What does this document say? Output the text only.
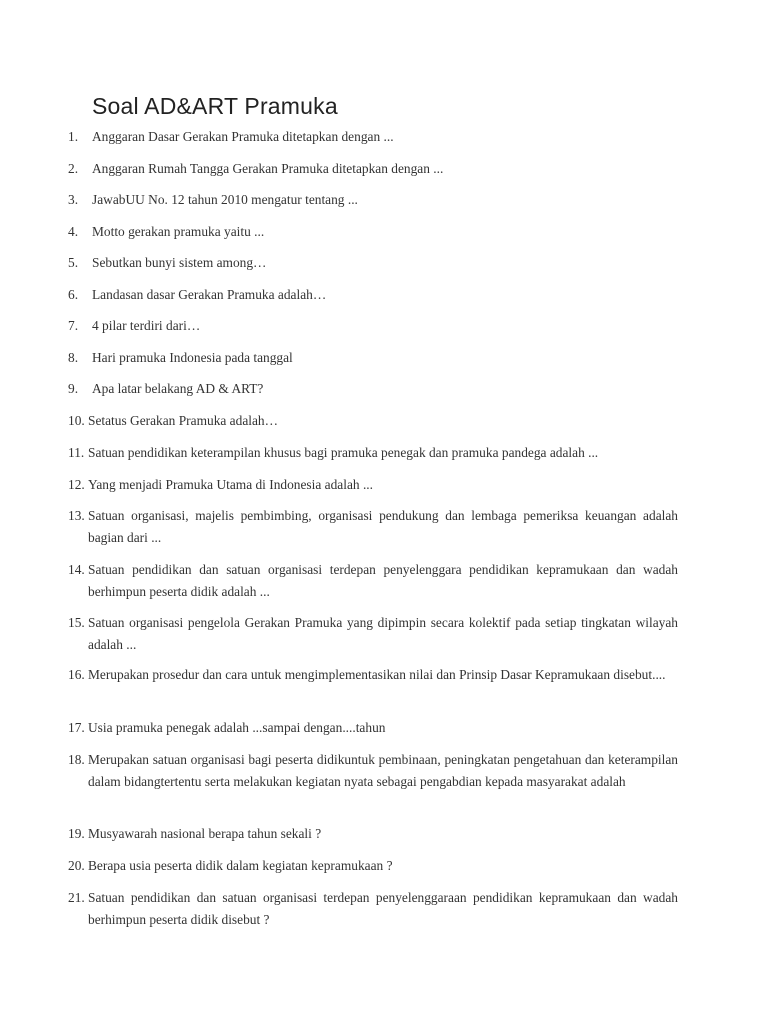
Soal AD&ART Pramuka
1. Anggaran Dasar Gerakan Pramuka ditetapkan dengan ...

2. Anggaran Rumah Tangga Gerakan Pramuka ditetapkan dengan ...

3. JawabUU No. 12 tahun 2010 mengatur tentang ...

4. Motto gerakan pramuka yaitu ...

5. Sebutkan bunyi sistem among…

6. Landasan dasar Gerakan Pramuka adalah…

7. 4 pilar terdiri dari…

8. Hari pramuka Indonesia pada tanggal

9. Apa latar belakang AD & ART?

10. Setatus Gerakan Pramuka adalah…

11. Satuan pendidikan keterampilan khusus bagi pramuka penegak dan pramuka pandega adalah ...

12. Yang menjadi Pramuka Utama di Indonesia adalah ...

13. Satuan organisasi, majelis pembimbing, organisasi pendukung dan lembaga pemeriksa keuangan adalah bagian dari ...

14. Satuan pendidikan dan satuan organisasi terdepan penyelenggara pendidikan kepramukaan dan wadah berhimpun peserta didik adalah ...

15. Satuan organisasi pengelola Gerakan Pramuka yang dipimpin secara kolektif pada setiap tingkatan wilayah adalah ...

16. Merupakan prosedur dan cara untuk mengimplementasikan nilai dan Prinsip Dasar Kepramukaan disebut....

17. Usia pramuka penegak adalah ...sampai dengan....tahun

18. Merupakan satuan organisasi bagi peserta didikuntuk pembinaan, peningkatan pengetahuan dan keterampilan dalam bidangtertentu serta melakukan kegiatan nyata sebagai pengabdian kepada masyarakat adalah

19. Musyawarah nasional berapa tahun sekali ?

20. Berapa usia peserta didik dalam kegiatan kepramukaan ?

21. Satuan pendidikan dan satuan organisasi terdepan penyelenggaraan pendidikan kepramukaan dan wadah berhimpun peserta didik disebut ?
